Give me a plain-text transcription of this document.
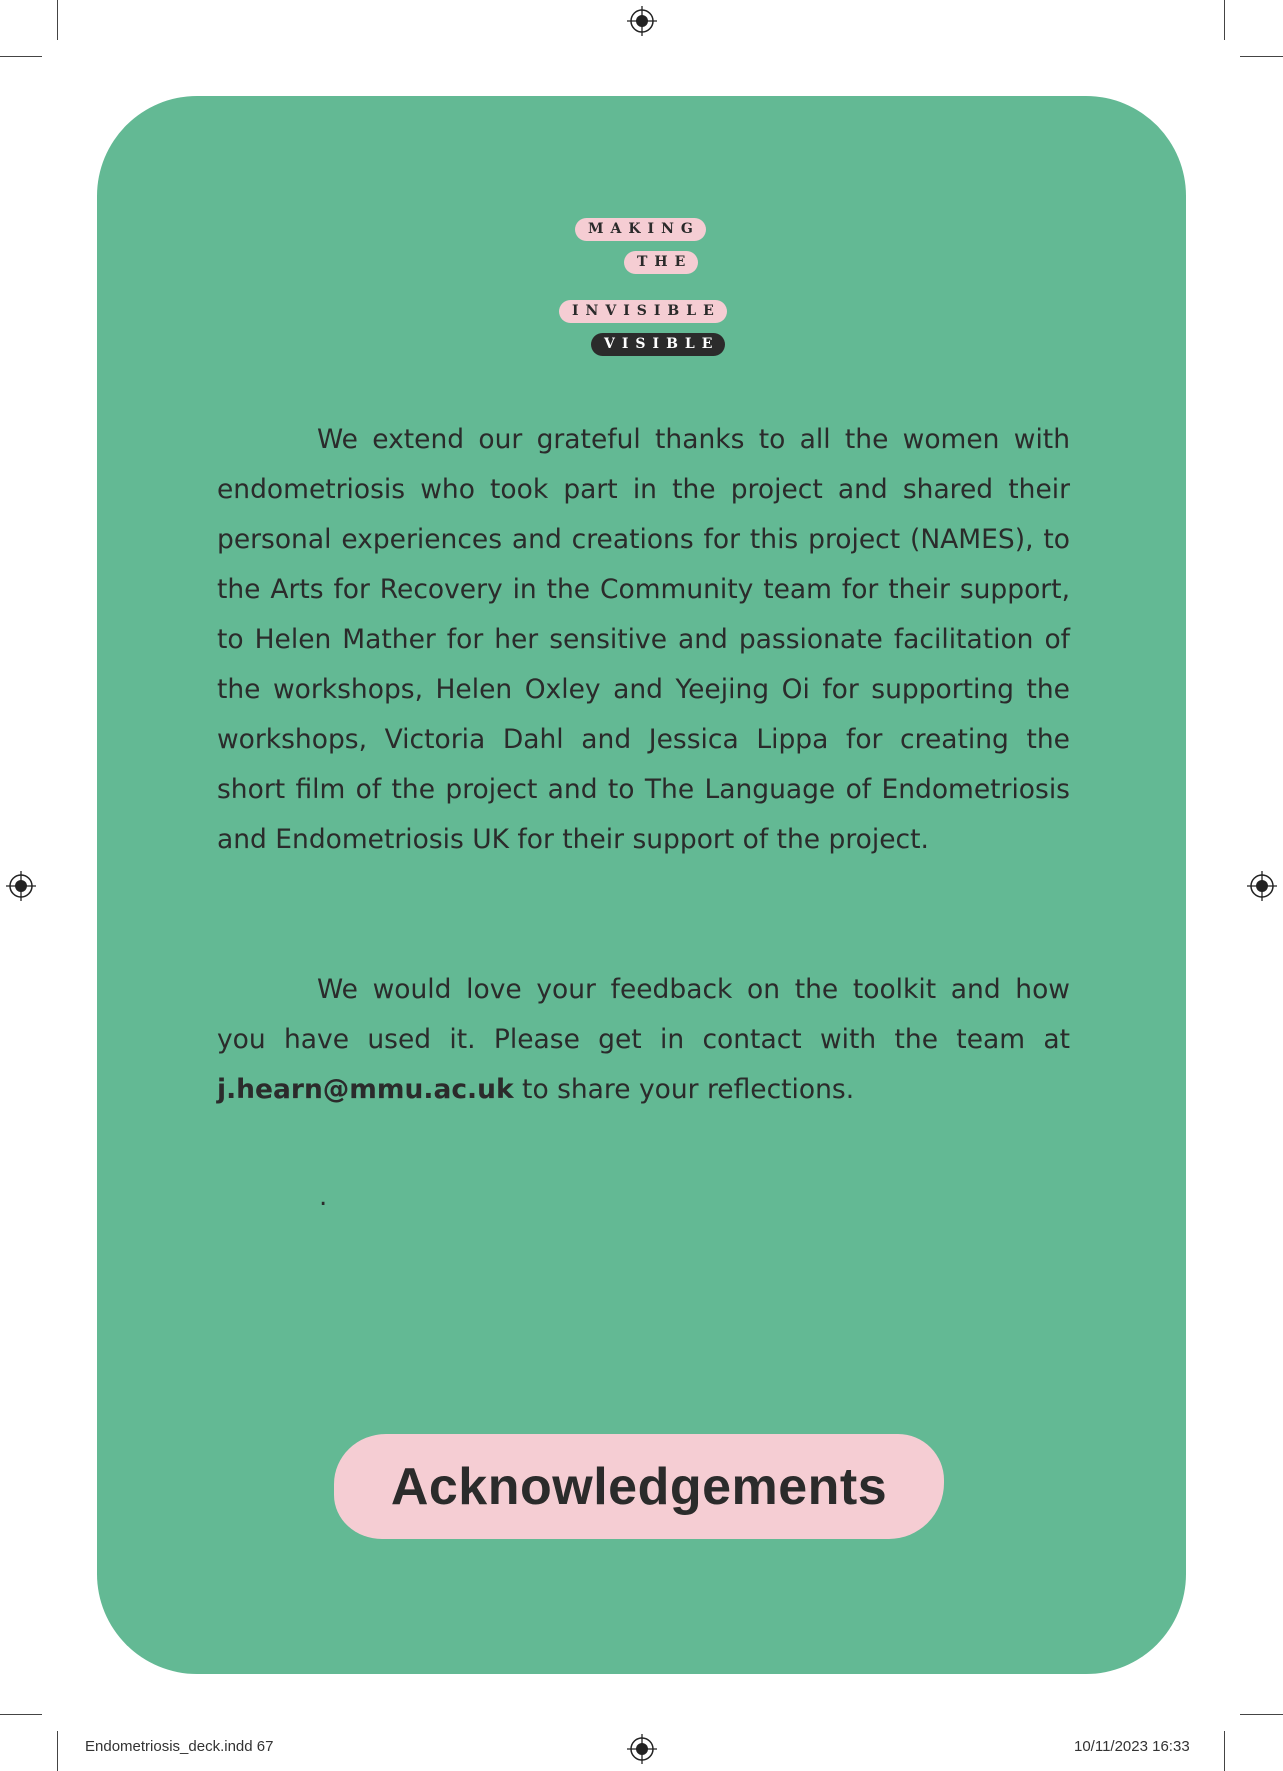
MAKING
THE
INVISIBLE
VISIBLE

We extend our grateful thanks to all the women with endometriosis who took part in the project and shared their personal experiences and creations for this project (NAMES), to the Arts for Recovery in the Community team for their support, to Helen Mather for her sensitive and passionate facilitation of the workshops, Helen Oxley and Yeejing Oi for supporting the workshops, Victoria Dahl and Jessica Lippa for creating the short film of the project and to The Language of Endometriosis and Endometriosis UK for their support of the project.

We would love your feedback on the toolkit and how you have used it. Please get in contact with the team at j.hearn@mmu.ac.uk to share your reflections.

.
Acknowledgements
Endometriosis_deck.indd 67	10/11/2023 16:33
